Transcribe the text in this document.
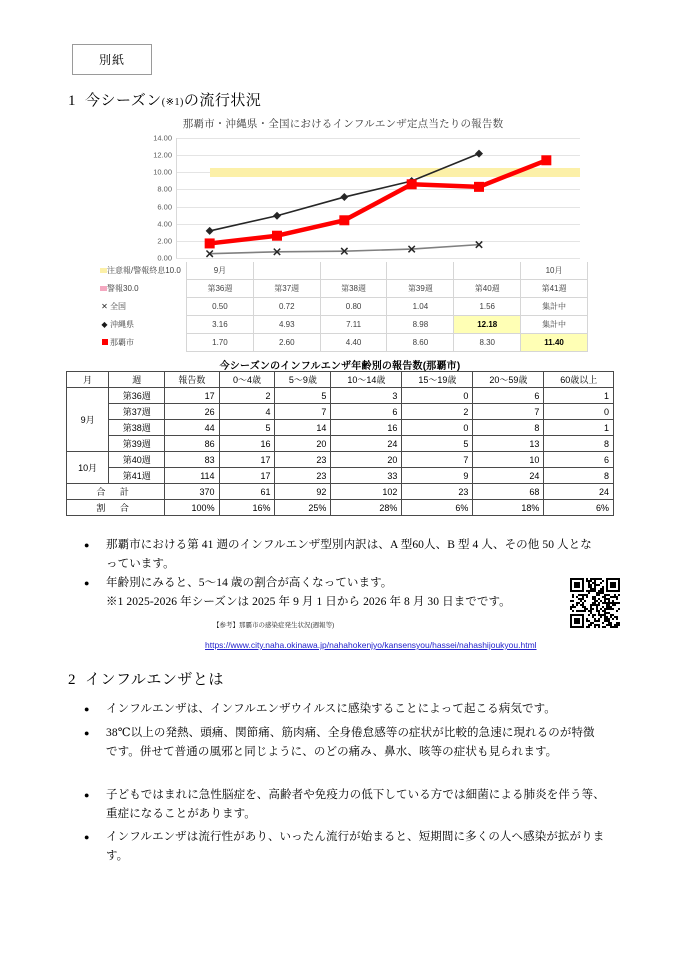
別紙
1 今シーズン(※1)の流行状況
那覇市・沖縄県・全国におけるインフルエンザ定点当たりの報告数
0.00
2.00
4.00
6.00
8.00
10.00
12.00
14.00
注意報/警報終息10.0	9月					10月
警報30.0	第36週	第37週	第38週	第39週	第40週	第41週
✕ 全国	0.50	0.72	0.80	1.04	1.56	集計中
◆ 沖縄県	3.16	4.93	7.11	8.98	12.18	集計中
那覇市	1.70	2.60	4.40	8.60	8.30	11.40
今シーズンのインフルエンザ年齢別の報告数(那覇市)
月	週	報告数	0～4歳	5～9歳	10～14歳	15～19歳	20～59歳	60歳以上
9月	第36週	17	2	5	3	0	6	1
	第37週	26	4	7	6	2	7	0
	第38週	44	5	14	16	0	8	1
	第39週	86	16	20	24	5	13	8
10月	第40週	83	17	23	20	7	10	6
	第41週	114	17	23	33	9	24	8
合 計		370	61	92	102	23	68	24
割 合		100%	16%	25%	28%	6%	18%	6%
● 那覇市における第 41 週のインフルエンザ型別内訳は、A 型60人、B 型 4 人、その他 50 人とな
っています。
● 年齢別にみると、5～14 歳の割合が高くなっています。
※1 2025-2026 年シーズンは 2025 年 9 月 1 日から 2026 年 8 月 30 日までです。
【参考】那覇市の感染症発生状況(週報等)
https://www.city.naha.okinawa.jp/nahahokenjyo/kansensyou/hassei/nahashijoukyou.html
2 インフルエンザとは
● インフルエンザは、インフルエンザウイルスに感染することによって起こる病気です。
● 38℃以上の発熱、頭痛、関節痛、筋肉痛、全身倦怠感等の症状が比較的急速に現れるのが特徴です。併せて普通の風邪と同じように、のどの痛み、鼻水、咳等の症状も見られます。
● 子どもではまれに急性脳症を、高齢者や免疫力の低下している方では細菌による肺炎を伴う等、重症になることがあります。
● インフルエンザは流行性があり、いったん流行が始まると、短期間に多くの人へ感染が拡がります。
